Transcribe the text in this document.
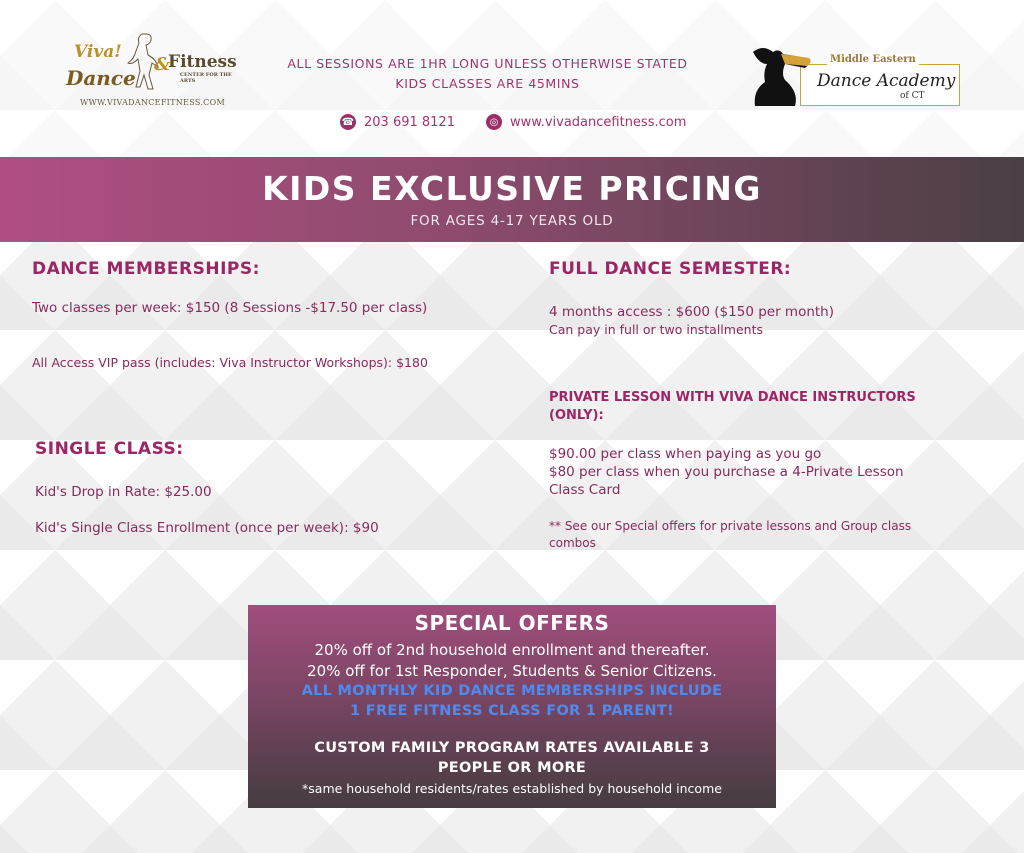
Viva!
Dance
&
Fitness
CENTER FOR THE ARTS
WWW.VIVADANCEFITNESS.COM
ALL SESSIONS ARE 1HR LONG UNLESS OTHERWISE STATED
KIDS CLASSES ARE 45MINS
☎ 203 691 8121	◎ www.vivadancefitness.com
Middle Eastern
Dance Academy
of CT
KIDS EXCLUSIVE PRICING
FOR AGES 4-17 YEARS OLD
DANCE MEMBERSHIPS:
Two classes per week: $150 (8 Sessions -$17.50 per class)
All Access VIP pass (includes: Viva Instructor Workshops): $180
SINGLE CLASS:
Kid's Drop in Rate: $25.00
Kid's Single Class Enrollment (once per week): $90
FULL DANCE SEMESTER:
4 months access : $600 ($150 per month)
Can pay in full or two installments
PRIVATE LESSON WITH VIVA DANCE INSTRUCTORS
(ONLY):
$90.00 per class when paying as you go
$80 per class when you purchase a 4-Private Lesson
Class Card
** See our Special offers for private lessons and Group class
combos
SPECIAL OFFERS
20% off of 2nd household enrollment and thereafter.
20% off for 1st Responder, Students & Senior Citizens.
ALL MONTHLY KID DANCE MEMBERSHIPS INCLUDE
1 FREE FITNESS CLASS FOR 1 PARENT!
CUSTOM FAMILY PROGRAM RATES AVAILABLE 3
PEOPLE OR MORE
*same household residents/rates established by household income
